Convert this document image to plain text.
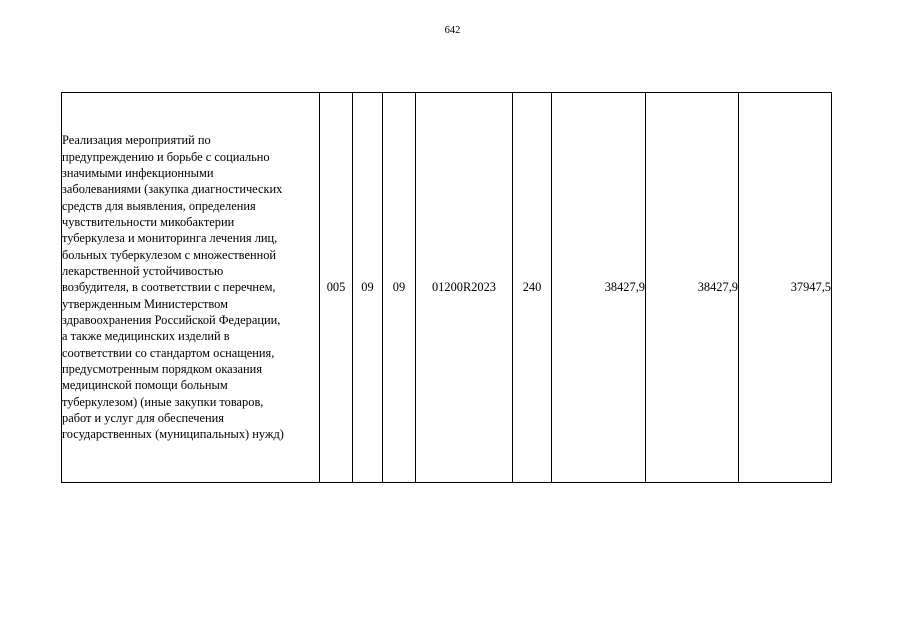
642
Реализация мероприятий по
предупреждению и борьбе с социально
значимыми инфекционными
заболеваниями (закупка диагностических
средств для выявления, определения
чувствительности микобактерии
туберкулеза и мониторинга лечения лиц,
больных туберкулезом с множественной
лекарственной устойчивостью
возбудителя, в соответствии с перечнем,
утвержденным Министерством
здравоохранения Российской Федерации,
а также медицинских изделий в
соответствии со стандартом оснащения,
предусмотренным порядком оказания
медицинской помощи больным
туберкулезом) (иные закупки товаров,
работ и услуг для обеспечения
государственных (муниципальных) нужд)
	005	09	09	01200R2023	240	38427,9	38427,9	37947,5
